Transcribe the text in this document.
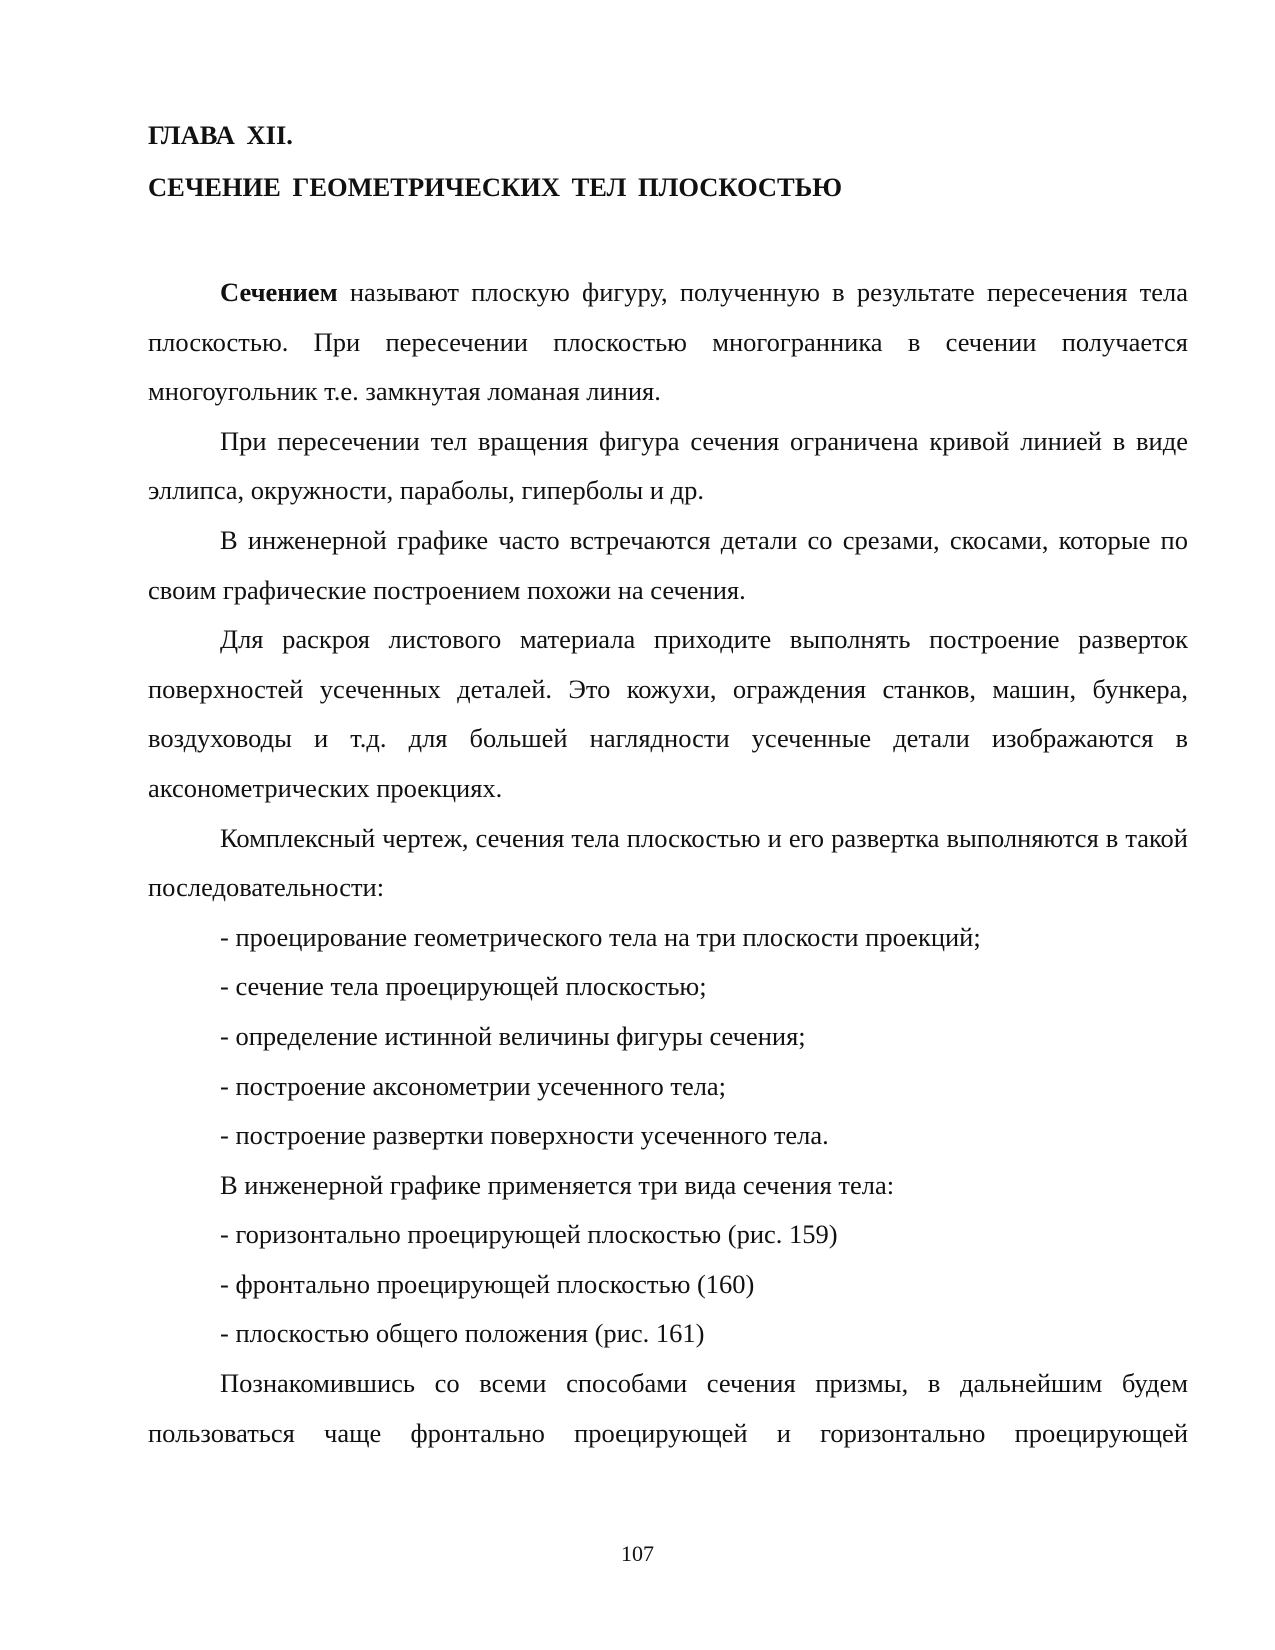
ГЛАВА XII.
СЕЧЕНИЕ ГЕОМЕТРИЧЕСКИХ ТЕЛ ПЛОСКОСТЬЮ

Сечением называют плоскую фигуру, полученную в результате пересечения тела плоскостью. При пересечении плоскостью многогранника в сечении получается многоугольник т.е. замкнутая ломаная линия.

При пересечении тел вращения фигура сечения ограничена кривой линией в виде эллипса, окружности, параболы, гиперболы и др.

В инженерной графике часто встречаются детали со срезами, скосами, которые по своим графические построением похожи на сечения.

Для раскроя листового материала приходите выполнять построение разверток поверхностей усеченных деталей. Это кожухи, ограждения станков, машин, бункера, воздуховоды и т.д. для большей наглядности усеченные детали изображаются в аксонометрических проекциях.

Комплексный чертеж, сечения тела плоскостью и его развертка выполняются в такой последовательности:

- проецирование геометрического тела на три плоскости проекций;

- сечение тела проецирующей плоскостью;

- определение истинной величины фигуры сечения;

- построение аксонометрии усеченного тела;

- построение развертки поверхности усеченного тела.

В инженерной графике применяется три вида сечения тела:

- горизонтально проецирующей плоскостью (рис. 159)

- фронтально проецирующей плоскостью (160)

- плоскостью общего положения (рис. 161)

Познакомившись со всеми способами сечения призмы, в дальнейшим будем пользоваться чаще фронтально проецирующей и горизонтально проецирующей

107
